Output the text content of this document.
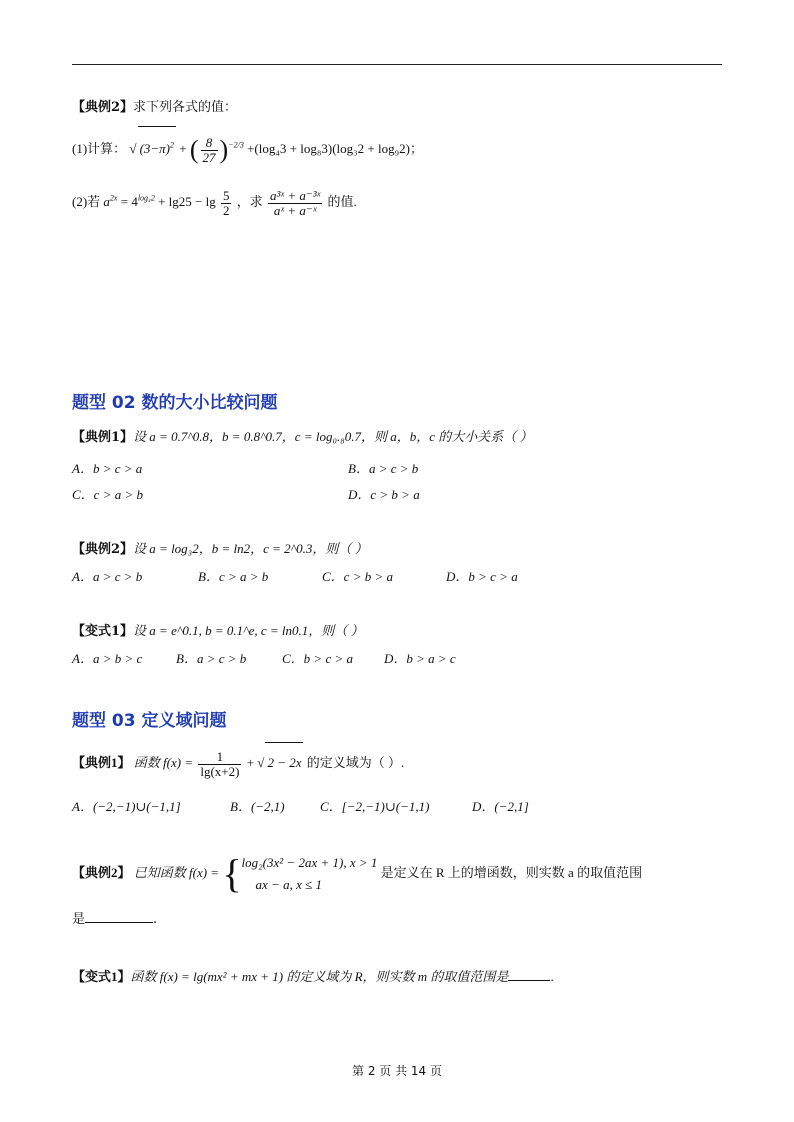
【典例2】求下列各式的值：
(1)计算： √ $(3-\pi)^2$ + ( $\frac{8}{27} )^{-2/3} +(\log_43 + \log_83)(\log_32 + \log_92)$；
(2)若 $a^{2x} = 4^{log_42} + \lg 25 - \lg \frac{5}{2}$ ，求 $\frac{\text{a³ˣ + a⁻³ˣ}}{\text{aˣ + a⁻ˣ}}$ 的值.
题型 02 数的大小比较问题
【典例1】设 a = 0.7^0.8，b = 0.8^0.7，c = log₀.₈0.7，则 a，b，c 的大小关系（ ）
A．b > c > a	B．a > c > b
C．c > a > b	D．c > b > a
【典例2】设 a = log₃2，b = ln2，c = 2^0.3，则（ ）
A．a > c > b	B．c > a > b	C．c > b > a	D．b > c > a
【变式1】设 a = e^0.1, b = 0.1^e, c = ln0.1，则（ ）
A．a > b > c	B．a > c > b	C．b > c > a D．b > a > c
题型 03 定义域问题
【典例1】 函数 $f(x) = \frac{1}{\lg(x+2)}$ + √ 2 − 2x 的定义域为（ ）.
A．(−2,−1)∪(−1,1]	B．(−2,1)	C．[−2,−1)∪(−1,1)	D．(−2,1]
【典例2】 已知函数 f(x) = { log₂(3x² − 2ax + 1), x > 1
ax − a, x ≤ 1
是定义在 R 上的增函数，则实数 a 的取值范围
是	.
【变式1】函数 f(x) = lg(mx² + mx + 1) 的定义域为 R，则实数 m 的取值范围是	.
第 2 页 共 14 页
